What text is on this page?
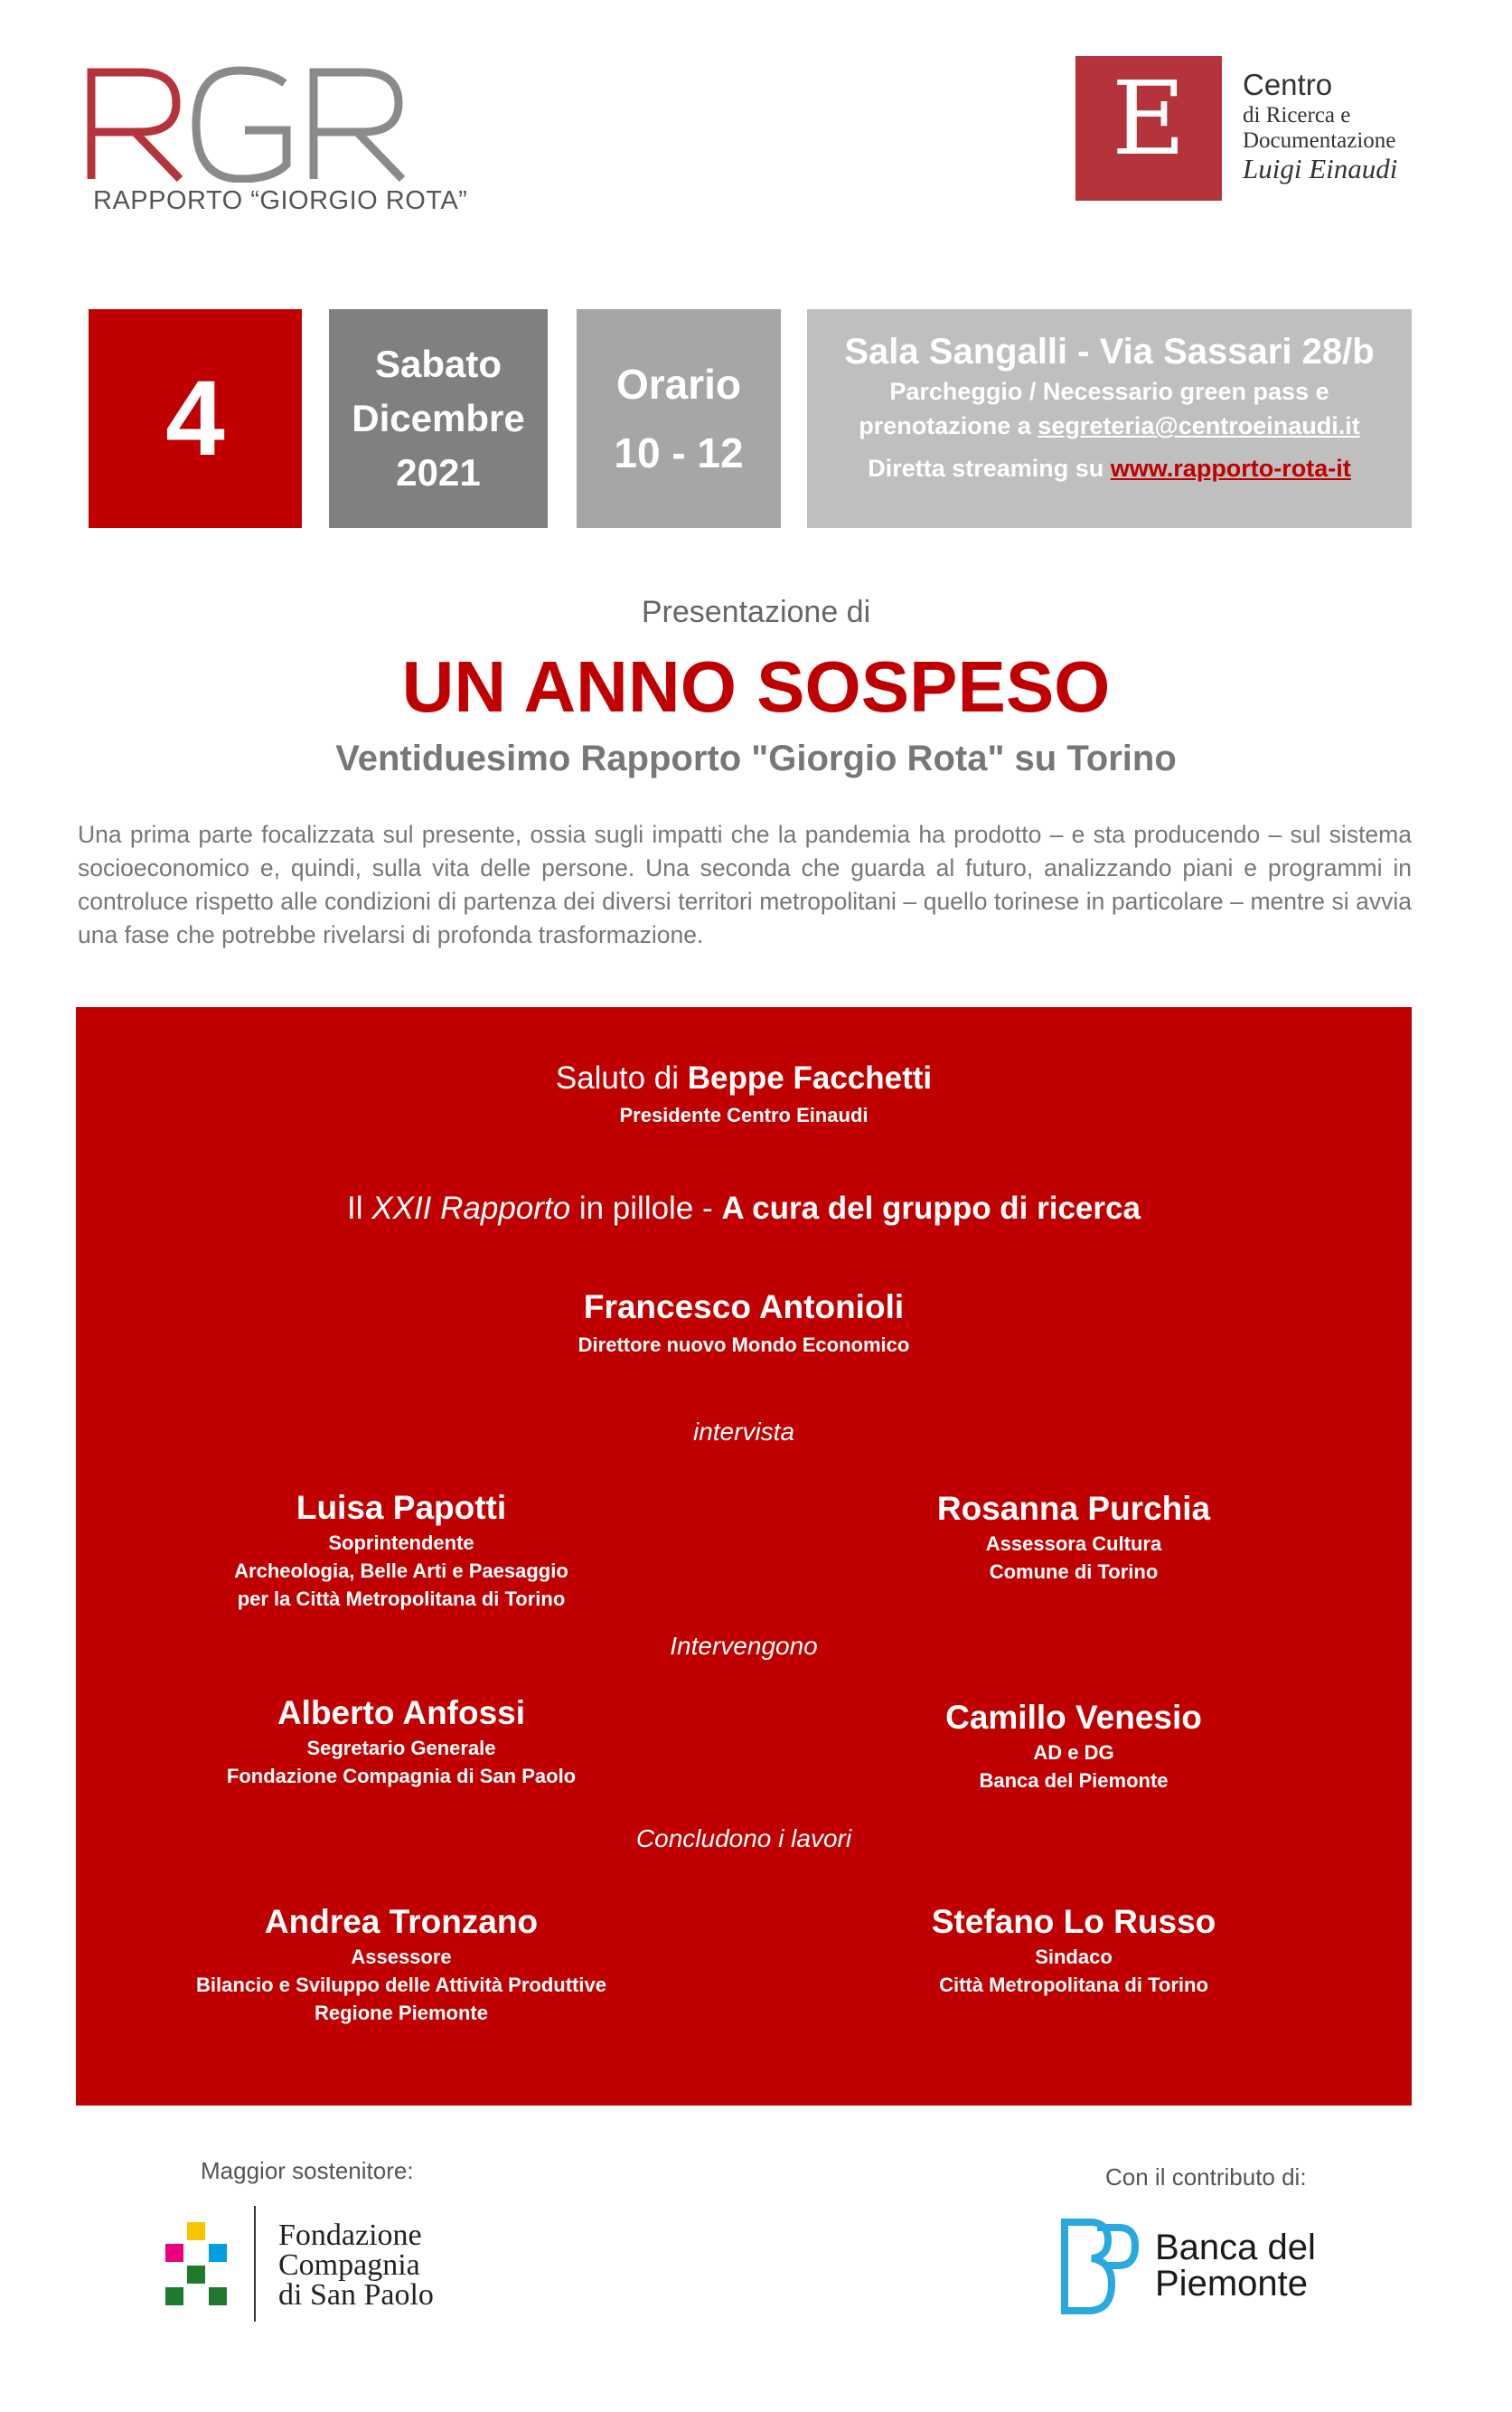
RAPPORTO “GIORGIO ROTA”
E	Centro
di Ricerca e
Documentazione
Luigi Einaudi
4	Sabato
Dicembre
2021
Orario
10 - 12
Sala Sangalli - Via Sassari 28/b
Parcheggio / Necessario green pass e
prenotazione a segreteria@centroeinaudi.it
Diretta streaming su www.rapporto-rota-it
Presentazione di
UN ANNO SOSPESO
Ventiduesimo Rapporto "Giorgio Rota" su Torino

Una prima parte focalizzata sul presente, ossia sugli impatti che la pandemia ha prodotto – e sta producendo – sul sistema socioeconomico e, quindi, sulla vita delle persone. Una seconda che guarda al futuro, analizzando piani e programmi in controluce rispetto alle condizioni di partenza dei diversi territori metropolitani – quello torinese in particolare – mentre si avvia una fase che potrebbe rivelarsi di profonda trasformazione.

Saluto di Beppe Facchetti
Presidente Centro Einaudi
Il XXII Rapporto in pillole - A cura del gruppo di ricerca
Francesco Antonioli
Direttore nuovo Mondo Economico
intervista
Luisa Papotti
Soprintendente
Archeologia, Belle Arti e Paesaggio
per la Città Metropolitana di Torino
Rosanna Purchia
Assessora Cultura
Comune di Torino
Intervengono
Alberto Anfossi
Segretario Generale
Fondazione Compagnia di San Paolo
Camillo Venesio
AD e DG
Banca del Piemonte
Concludono i lavori
Andrea Tronzano
Assessore
Bilancio e Sviluppo delle Attività Produttive
Regione Piemonte
Stefano Lo Russo
Sindaco
Città Metropolitana di Torino
Maggior sostenitore:
Fondazione
Compagnia
di San Paolo
Con il contributo di:
Banca del
Piemonte
